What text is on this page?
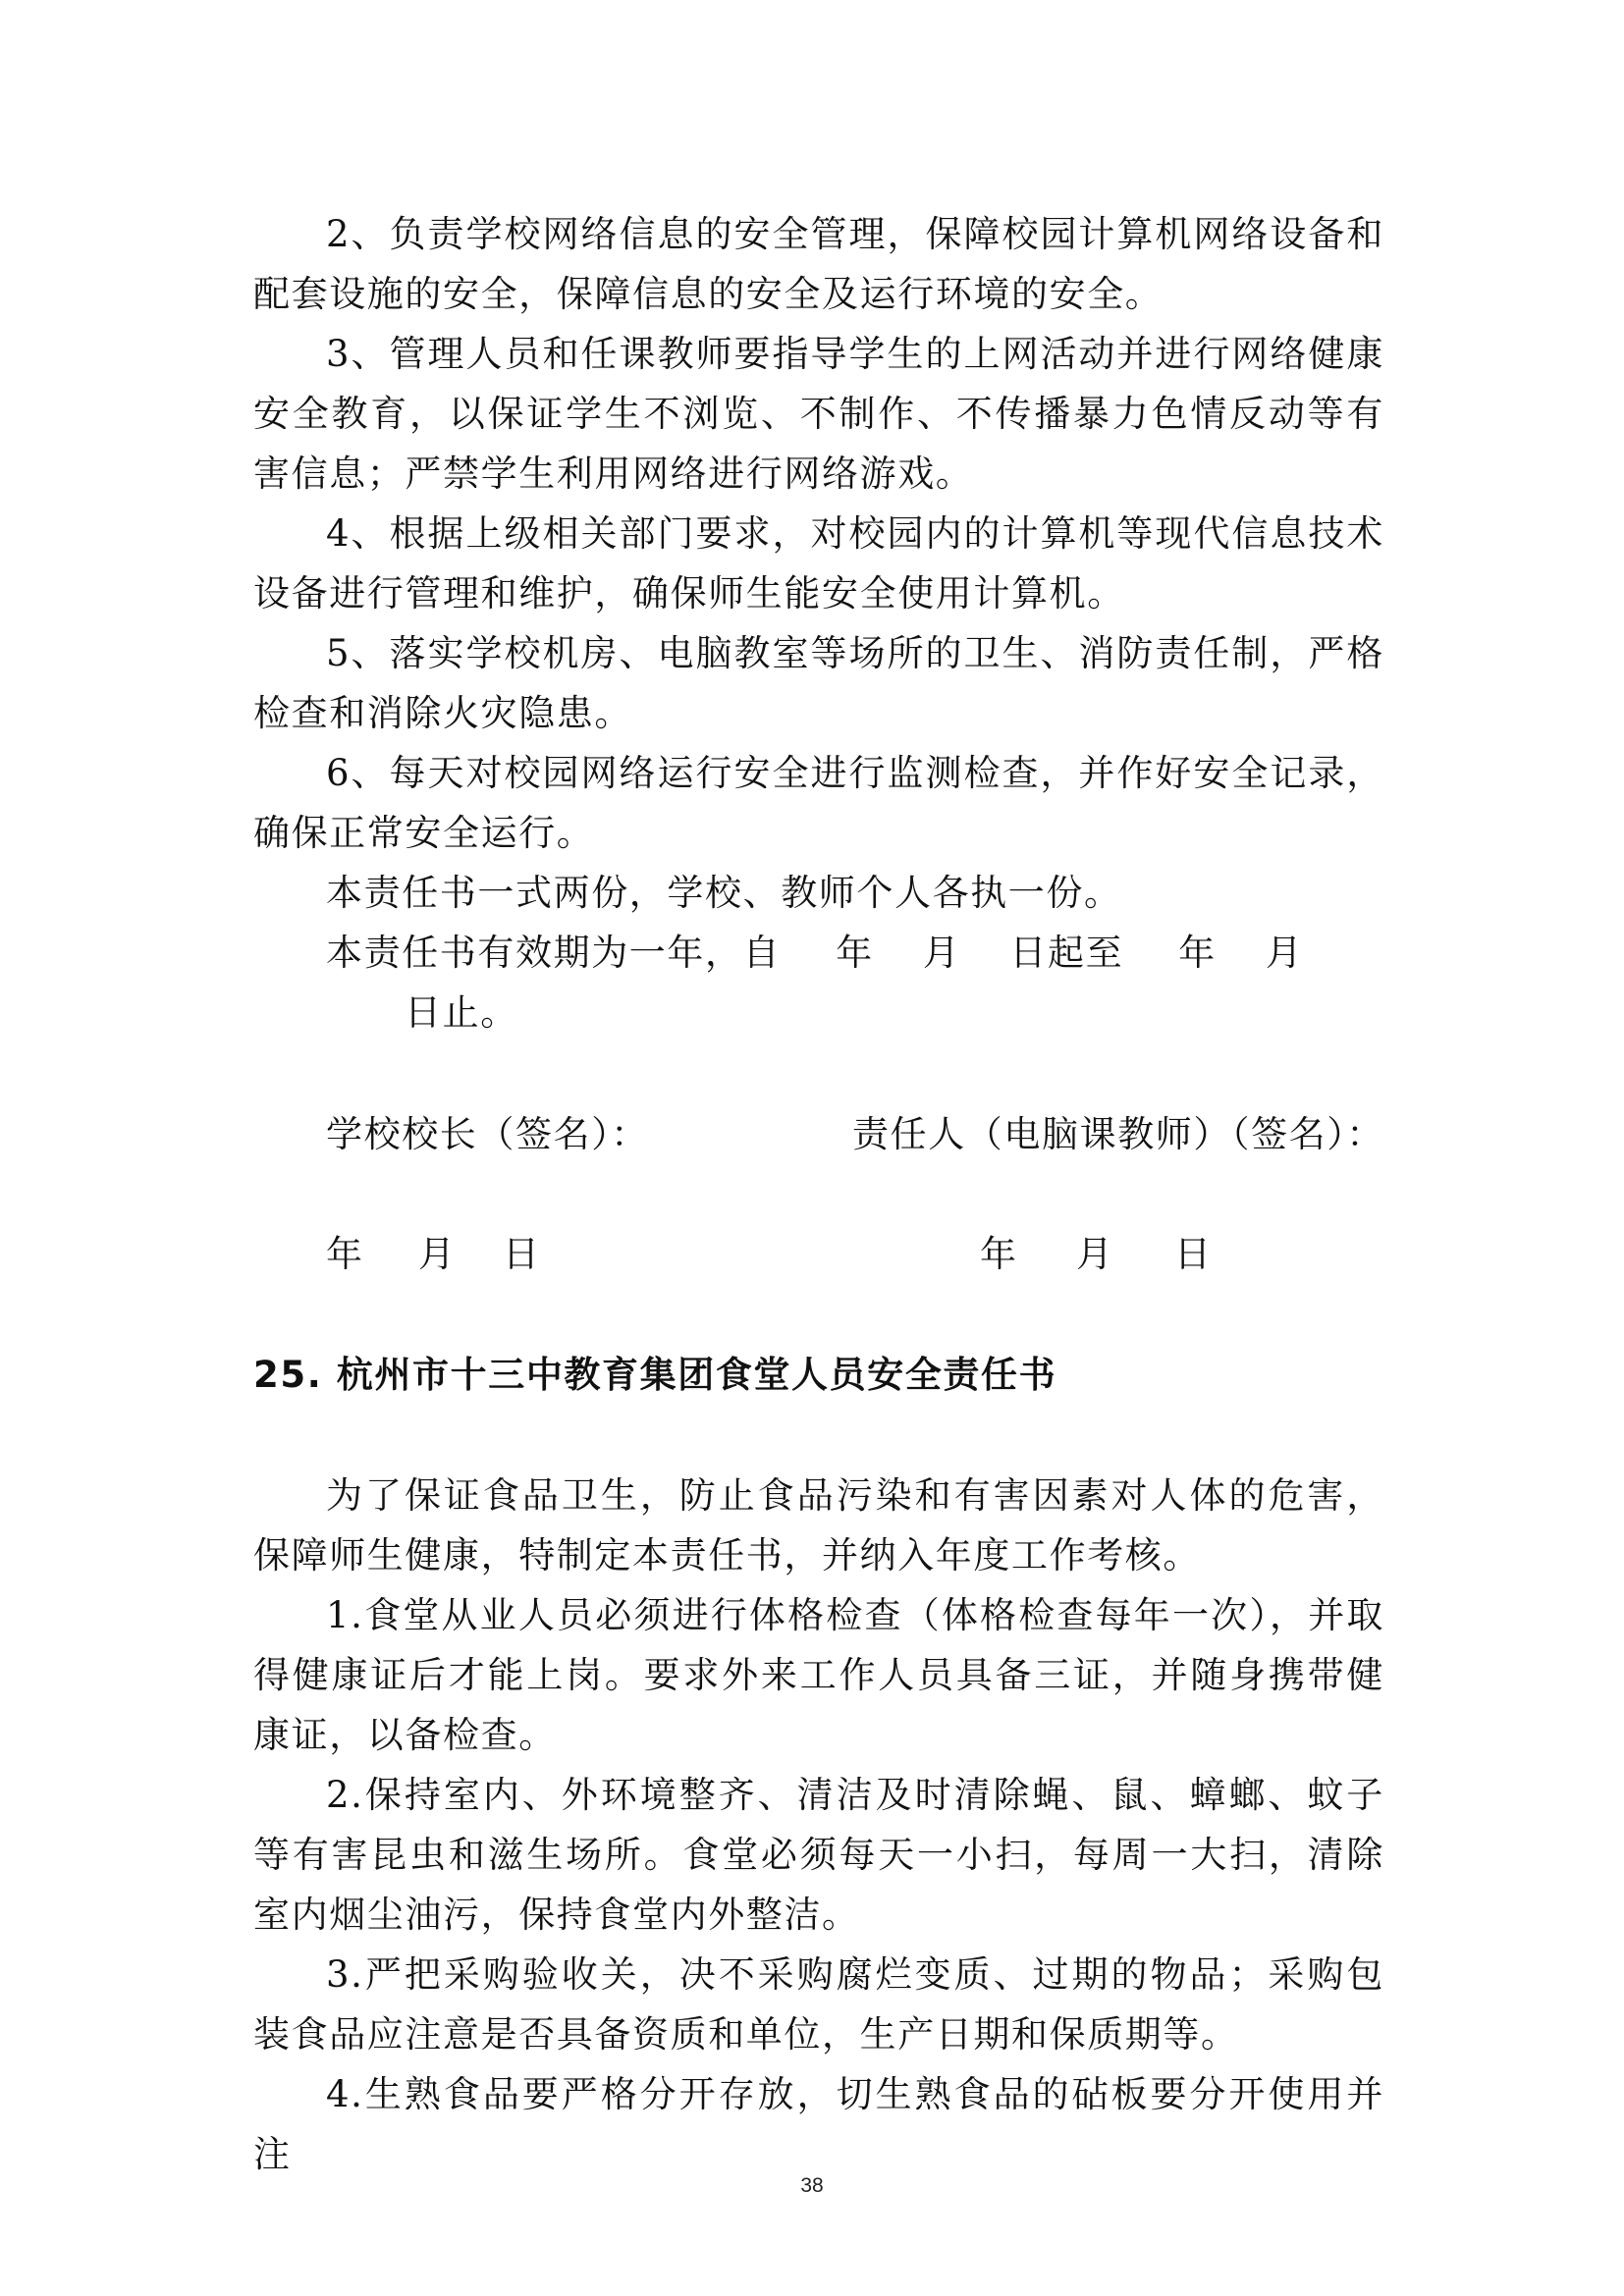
2、负责学校网络信息的安全管理，保障校园计算机网络设备和配套设施的安全，保障信息的安全及运行环境的安全。

3、管理人员和任课教师要指导学生的上网活动并进行网络健康安全教育，以保证学生不浏览、不制作、不传播暴力色情反动等有害信息；严禁学生利用网络进行网络游戏。

4、根据上级相关部门要求，对校园内的计算机等现代信息技术设备进行管理和维护，确保师生能安全使用计算机。

5、落实学校机房、电脑教室等场所的卫生、消防责任制，严格检查和消除火灾隐患。

6、每天对校园网络运行安全进行监测检查，并作好安全记录，确保正常安全运行。

本责任书一式两份，学校、教师个人各执一份。

本责任书有效期为一年，自 年 月 日起至 年 月

日止。

学校校长（签名）：	责任人（电脑课教师）（签名）：
年 月 日	年 月 日
25. 杭州市十三中教育集团食堂人员安全责任书

为了保证食品卫生，防止食品污染和有害因素对人体的危害，保障师生健康，特制定本责任书，并纳入年度工作考核。

1.食堂从业人员必须进行体格检查（体格检查每年一次），并取得健康证后才能上岗。要求外来工作人员具备三证，并随身携带健康证，以备检查。

2.保持室内、外环境整齐、清洁及时清除蝇、鼠、蟑螂、蚊子等有害昆虫和滋生场所。食堂必须每天一小扫，每周一大扫，清除室内烟尘油污，保持食堂内外整洁。

3.严把采购验收关，决不采购腐烂变质、过期的物品；采购包装食品应注意是否具备资质和单位，生产日期和保质期等。

4.生熟食品要严格分开存放，切生熟食品的砧板要分开使用并注

38
